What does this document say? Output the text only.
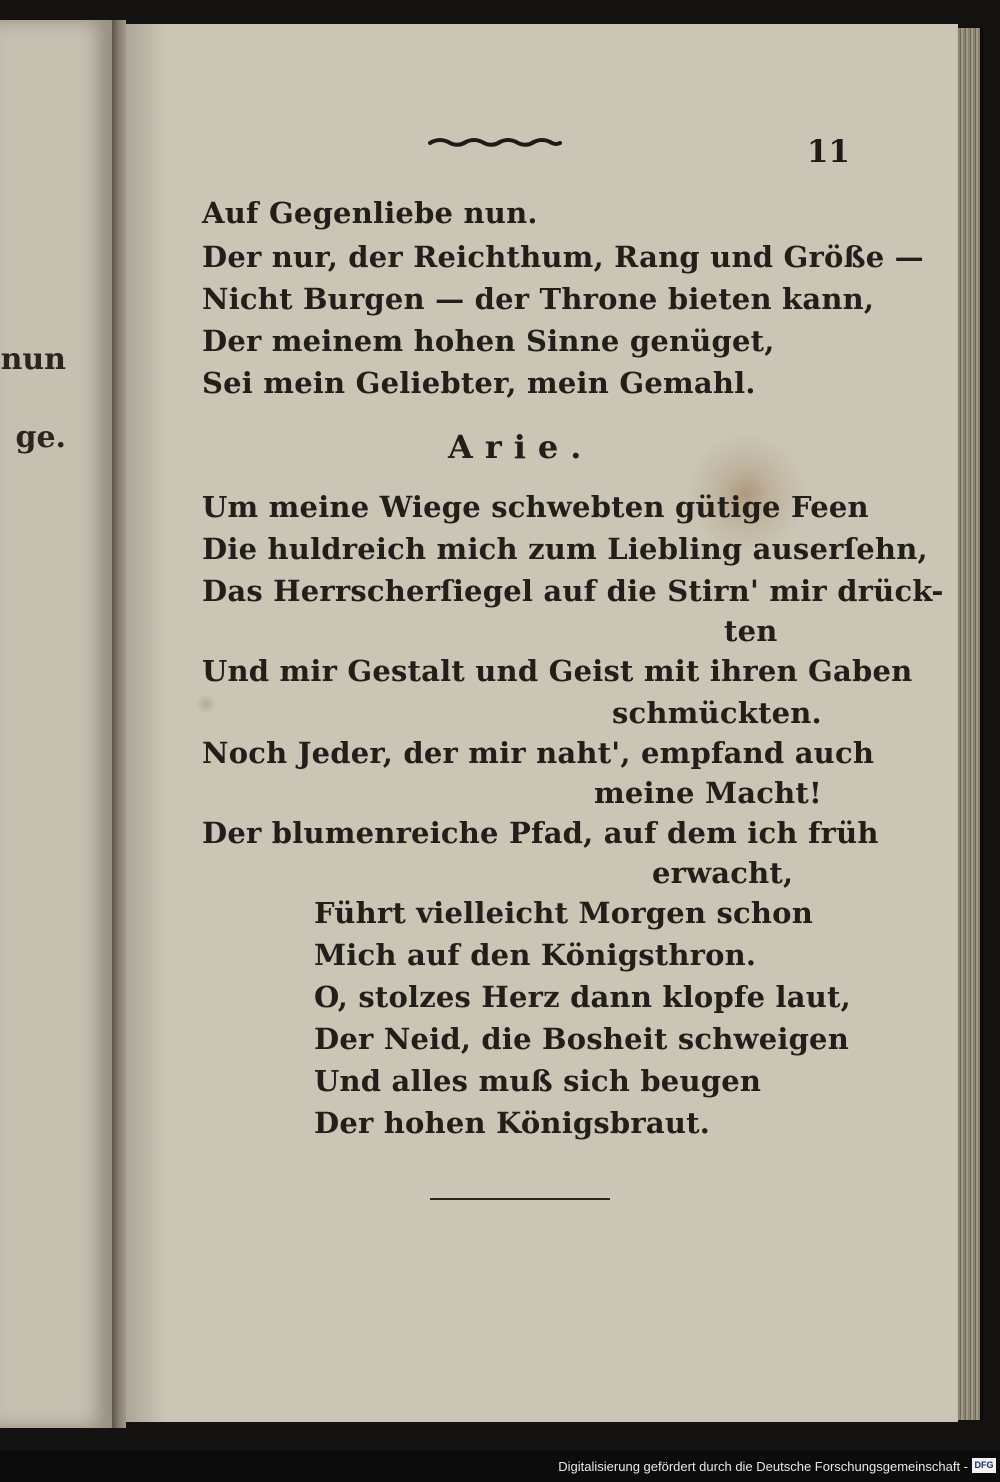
nun
ge.
11
Auf Gegenliebe nun.
Der nur, der Reichthum, Rang und Größe —
Nicht Burgen — der Throne bieten kann,
Der meinem hohen Sinne genüget,
Sei mein Geliebter, mein Gemahl.
Arie.
Um meine Wiege schwebten gütige Feen
Die huldreich mich zum Liebling auserſehn,
Das Herrscherſiegel auf die Stirn' mir drück-
ten
Und mir Gestalt und Geist mit ihren Gaben
schmückten.
Noch Jeder, der mir naht', empfand auch
meine Macht!
Der blumenreiche Pfad, auf dem ich früh
erwacht,
Führt vielleicht Morgen schon
Mich auf den Königsthron.
O, stolzes Herz dann klopfe laut,
Der Neid, die Bosheit schweigen
Und alles muß sich beugen
Der hohen Königsbraut.
Digitalisierung gefördert durch die Deutsche Forschungsgemeinschaft - DFG
